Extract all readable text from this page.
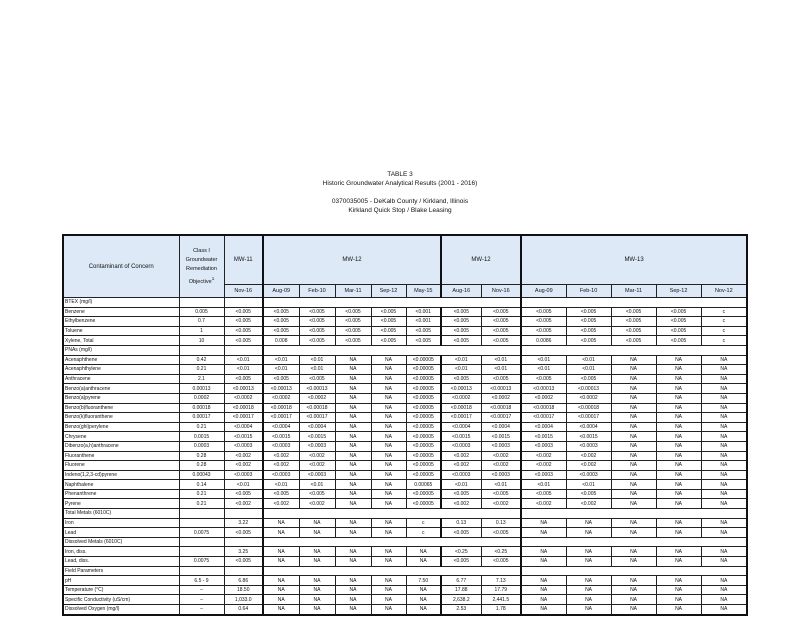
TABLE 3
Historic Groundwater Analytical Results (2001 - 2016)
0370035005 - DeKalb County / Kirkland, Illinois
Kirkland Quick Stop / Blake Leasing
Contaminant of Concern	Class I
Groundwater
Remediation
Objective$^1$	MW-11	MW-12					MW-12		MW-13				
		Nov-16	Aug-09	Feb-10	Mar-11	Sep-12	May-15	Aug-16	Nov-16	Aug-09	Feb-10	Mar-11	Sep-12	Nov-12
BTEX (mg/l)														
Benzene	0.005	<0.005	<0.005	<0.005	<0.005	<0.005	<0.001	<0.005	<0.005	<0.005	<0.005	<0.005	<0.005	c
Ethylbenzene	0.7	<0.005	<0.005	<0.005	<0.005	<0.005	<0.001	<0.005	<0.005	<0.005	<0.005	<0.005	<0.005	c
Toluene	1	<0.005	<0.005	<0.005	<0.005	<0.005	<0.005	<0.005	<0.005	<0.005	<0.005	<0.005	<0.005	c
Xylene, Total	10	<0.005	0.008	<0.005	<0.005	<0.005	<0.005	<0.005	<0.005	0.0086	<0.005	<0.005	<0.005	c
PNAs (mg/l)														
Acenaphthene	0.42	<0.01	<0.01	<0.01	NA	NA	<0.00005	<0.01	<0.01	<0.01	<0.01	NA	NA	NA
Acenaphthylene	0.21	<0.01	<0.01	<0.01	NA	NA	<0.00005	<0.01	<0.01	<0.01	<0.01	NA	NA	NA
Anthracene	2.1	<0.005	<0.005	<0.005	NA	NA	<0.00005	<0.005	<0.005	<0.005	<0.005	NA	NA	NA
Benzo(a)anthracene	0.00013	<0.00013	<0.00013	<0.00013	NA	NA	<0.00005	<0.00013	<0.00013	<0.00013	<0.00013	NA	NA	NA
Benzo(a)pyrene	0.0002	<0.0002	<0.0002	<0.0002	NA	NA	<0.00005	<0.0002	<0.0002	<0.0002	<0.0002	NA	NA	NA
Benzo(b)fluoranthene	0.00018	<0.00018	<0.00018	<0.00018	NA	NA	<0.00005	<0.00018	<0.00018	<0.00018	<0.00018	NA	NA	NA
Benzo(k)fluoranthene	0.00017	<0.00017	<0.00017	<0.00017	NA	NA	<0.00005	<0.00017	<0.00017	<0.00017	<0.00017	NA	NA	NA
Benzo(ghi)perylene	0.21	<0.0004	<0.0004	<0.0004	NA	NA	<0.00005	<0.0004	<0.0004	<0.0004	<0.0004	NA	NA	NA
Chrysene	0.0015	<0.0015	<0.0015	<0.0015	NA	NA	<0.00005	<0.0015	<0.0015	<0.0015	<0.0015	NA	NA	NA
Dibenzo(a,h)anthracene	0.0003	<0.0003	<0.0003	<0.0003	NA	NA	<0.00005	<0.0003	<0.0003	<0.0003	<0.0003	NA	NA	NA
Fluoranthene	0.28	<0.002	<0.002	<0.002	NA	NA	<0.00005	<0.002	<0.002	<0.002	<0.002	NA	NA	NA
Fluorene	0.28	<0.002	<0.002	<0.002	NA	NA	<0.00005	<0.002	<0.002	<0.002	<0.002	NA	NA	NA
Indeno(1,2,3-cd)pyrene	0.00043	<0.0003	<0.0003	<0.0003	NA	NA	<0.00005	<0.0003	<0.0003	<0.0003	<0.0003	NA	NA	NA
Naphthalene	0.14	<0.01	<0.01	<0.01	NA	NA	0.00065	<0.01	<0.01	<0.01	<0.01	NA	NA	NA
Phenanthrene	0.21	<0.005	<0.005	<0.005	NA	NA	<0.00005	<0.005	<0.005	<0.005	<0.005	NA	NA	NA
Pyrene	0.21	<0.002	<0.002	<0.002	NA	NA	<0.00005	<0.002	<0.002	<0.002	<0.002	NA	NA	NA
Total Metals (6010C)														
Iron		3.22	NA	NA	NA	NA	c	0.13	0.13	NA	NA	NA	NA	NA
Lead	0.0075	<0.005	NA	NA	NA	NA	c	<0.005	<0.005	NA	NA	NA	NA	NA
Dissolved Metals (6010C)														
Iron, diss.		3.25	NA	NA	NA	NA	NA	<0.25	<0.25	NA	NA	NA	NA	NA
Lead, diss.	0.0075	<0.005	NA	NA	NA	NA	NA	<0.005	<0.005	NA	NA	NA	NA	NA
Field Parameters														
pH	6.5 - 9	6.86	NA	NA	NA	NA	7.50	6.77	7.13	NA	NA	NA	NA	NA
Temperature (°C)	–	18.50	NA	NA	NA	NA	NA	17.88	17.79	NA	NA	NA	NA	NA
Specific Conductivity (uS/cm)	–	1,033.0	NA	NA	NA	NA	NA	2,638.2	2,441.5	NA	NA	NA	NA	NA
Dissolved Oxygen (mg/l)	–	0.64	NA	NA	NA	NA	NA	2.53	1.78	NA	NA	NA	NA	NA
